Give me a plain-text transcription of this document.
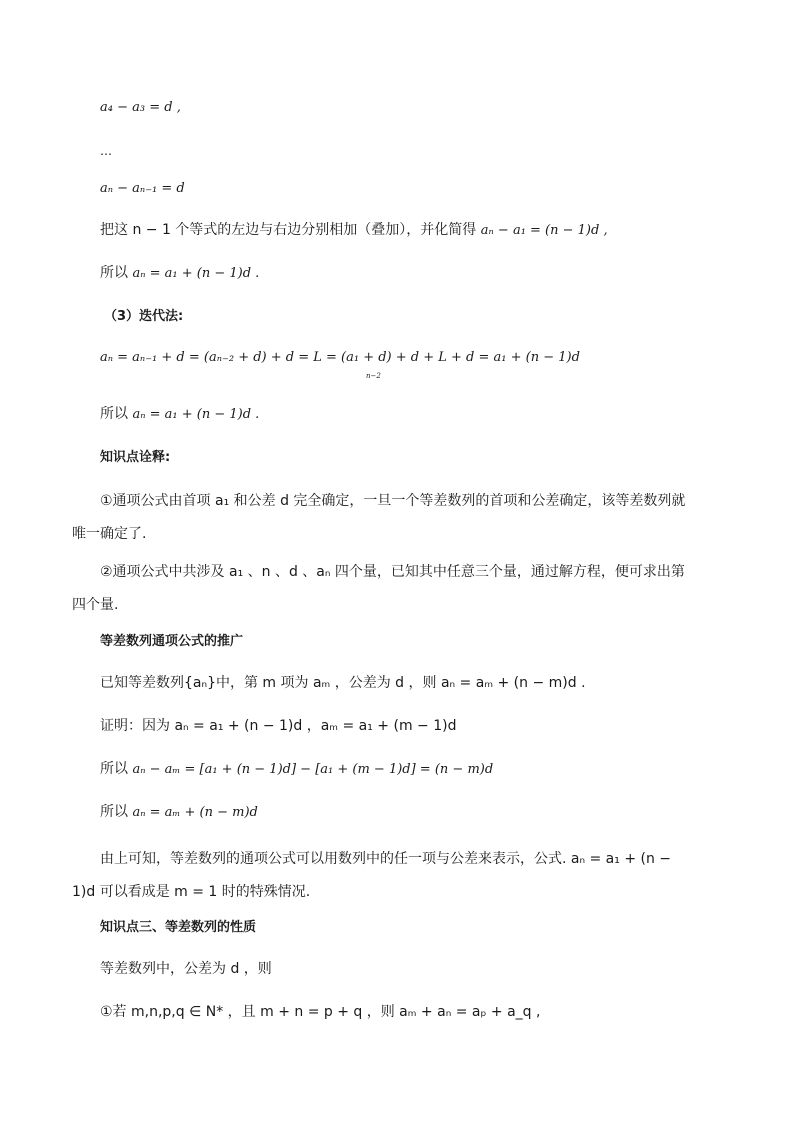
a₄ − a₃ = d ,
…
aₙ − aₙ₋₁ = d
把这 n − 1 个等式的左边与右边分别相加（叠加），并化简得 aₙ − a₁ = (n − 1)d ,
所以 aₙ = a₁ + (n − 1)d .
（3）迭代法:
aₙ = aₙ₋₁ + d = (aₙ₋₂ + d) + d = L = (a₁ + d) + d + L + d = a₁ + (n − 1)d
n−2
所以 aₙ = a₁ + (n − 1)d .
知识点诠释:
①通项公式由首项 a₁ 和公差 d 完全确定，一旦一个等差数列的首项和公差确定，该等差数列就唯一确定了.
②通项公式中共涉及 a₁ 、n 、d 、aₙ 四个量，已知其中任意三个量，通过解方程，便可求出第四个量.
等差数列通项公式的推广
已知等差数列{aₙ}中，第 m 项为 aₘ ，公差为 d ，则 aₙ = aₘ + (n − m)d .
证明：因为 aₙ = a₁ + (n − 1)d ，aₘ = a₁ + (m − 1)d
所以 aₙ − aₘ = [a₁ + (n − 1)d] − [a₁ + (m − 1)d] = (n − m)d
所以 aₙ = aₘ + (n − m)d
由上可知，等差数列的通项公式可以用数列中的任一项与公差来表示，公式. aₙ = a₁ + (n − 1)d 可以看成是 m = 1 时的特殊情况.
知识点三、等差数列的性质
等差数列中，公差为 d ，则
①若 m,n,p,q ∈ N* ，且 m + n = p + q ，则 aₘ + aₙ = aₚ + a_q ,
